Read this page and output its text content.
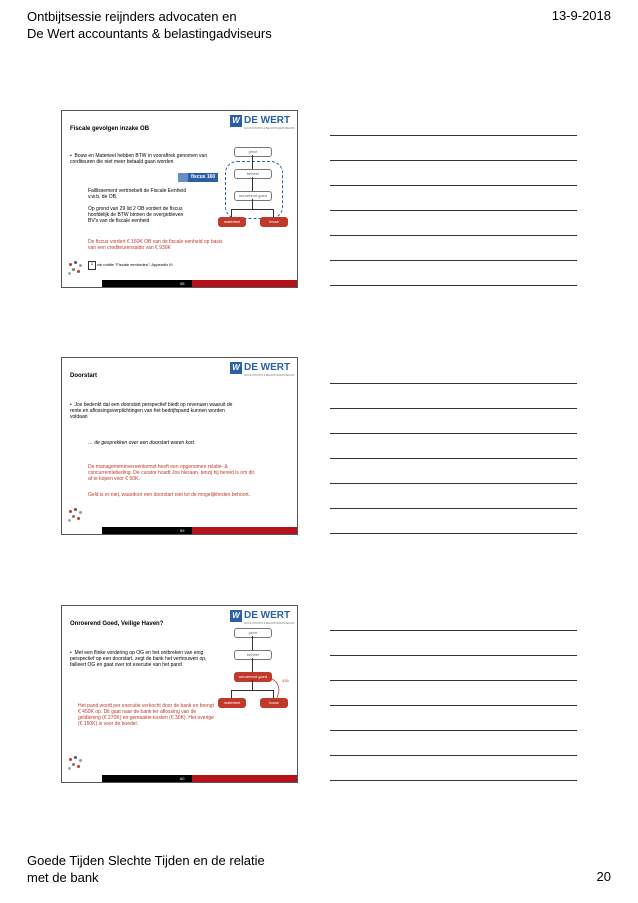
Ontbijtsessie reijnders advocaten en
De Wert accountants & belastingadviseurs
13-9-2018
W DE WERT
ACCOUNTANTS & BELASTINGADVISEURS
Fiscale gevolgen inzake OB
•  Bouw en Materieel hebben BTW in vooraftrek genomen van crediteuren die niet meer betaald gaan worden
Faillissement vertroebelt de Fiscale Eenheid v.w.b. de OB.
Op grond van 29 lid 2 OB vordert de fiscus hoofdelijk de BTW binnen de overgebleven BV's van de fiscale eenheid
De fiscus vordert € 160K OB van de fiscale eenheid op basis van een crediteurensaldo van € 930K
ⅲ	zie notitie "Fiscale eenheden"; Appendix III
privé
beheer
onroerend goed
materieel	bouw
fiscus 160
58
W DE WERT
ACCOUNTANTS & BELASTINGADVISEURS
Doorstart
•  Jos bedenkt dat een doorstart perspectief biedt op revenuen waaruit de rente en aflossingsverplichtingen van het bedrijfspand kunnen worden voldaan
… de gesprekken over een doorstart waren kort.
De managementovereenkomst heeft een opgenomen relatie- & concurrentiebeding. De curator houdt Jos hieraan, tenzij hij bereid is om dit af te kopen voor € 90K.
Geld is er niet, waardoor een doorstart niet tot de mogelijkheden behoort.
59
W DE WERT
ACCOUNTANTS & BELASTINGADVISEURS
Onroerend Goed, Veilige Haven?
•  Met een flinke vordering op OG en het ontbreken van enig perspectief op een doorstart, zegt de bank het vertrouwen op, failleert OG en gaat over tot executie van het pand
Het pand wordt per executie verkocht door de bank en brengt € 450K op. Dit gaat naar de bank ter aflossing van de geldlening (€ 270K) en gemaakte kosten (€ 30K). Het overige (€ 150K) is voor de boedel.
privé
beheer
onroerend goed
materieel	bouw
435
60
Goede Tijden Slechte Tijden en de relatie
met de bank	20
